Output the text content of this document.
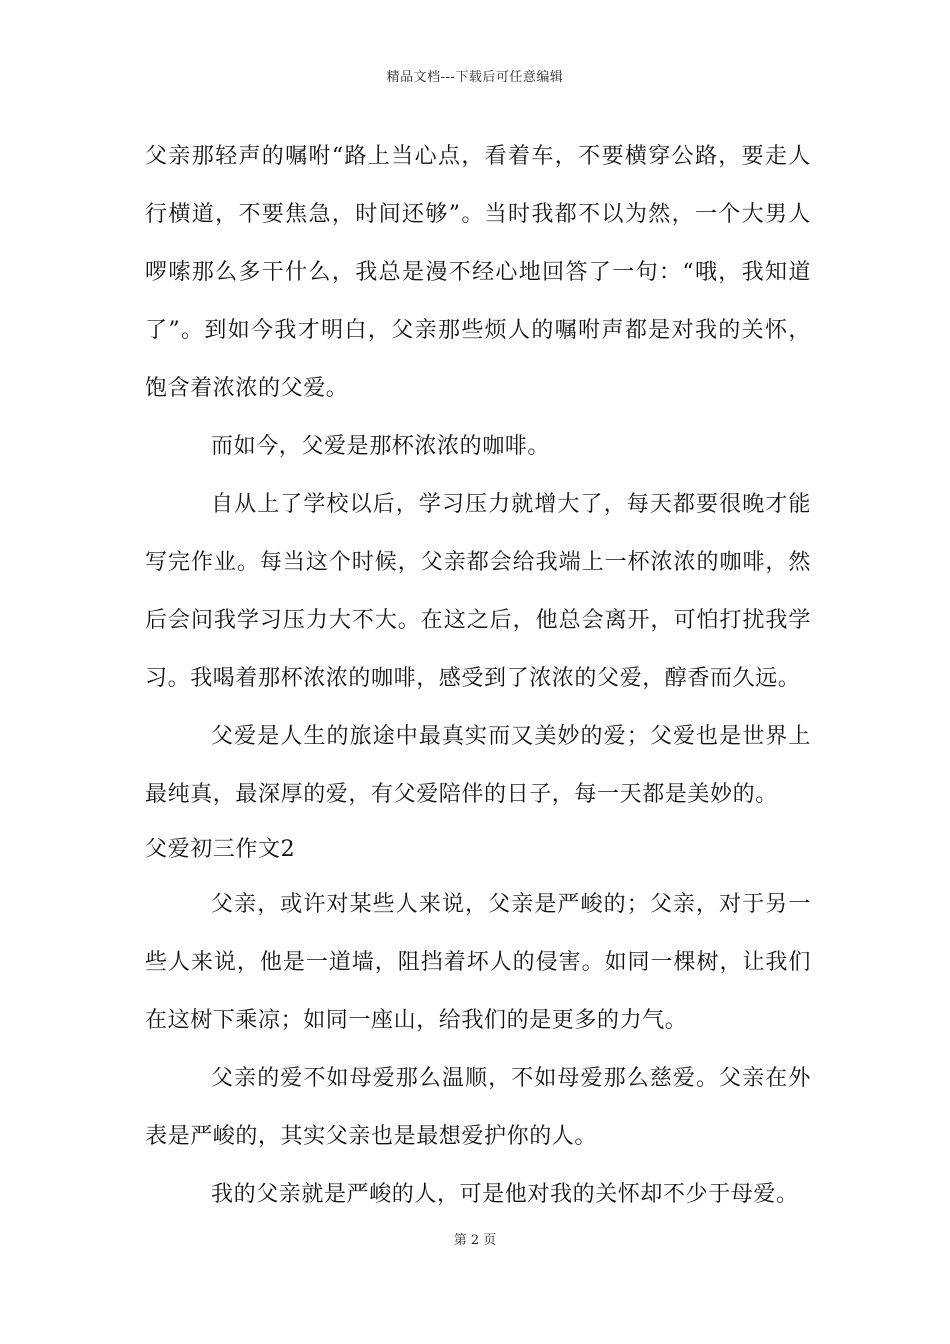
精品文档---下载后可任意编辑

父亲那轻声的嘱咐“路上当心点，看着车，不要横穿公路，要走人行横道，不要焦急，时间还够”。当时我都不以为然，一个大男人啰嗦那么多干什么，我总是漫不经心地回答了一句：“哦，我知道了”。到如今我才明白，父亲那些烦人的嘱咐声都是对我的关怀，饱含着浓浓的父爱。

而如今，父爱是那杯浓浓的咖啡。

自从上了学校以后，学习压力就增大了，每天都要很晚才能写完作业。每当这个时候，父亲都会给我端上一杯浓浓的咖啡，然后会问我学习压力大不大。在这之后，他总会离开，可怕打扰我学习。我喝着那杯浓浓的咖啡，感受到了浓浓的父爱，醇香而久远。

父爱是人生的旅途中最真实而又美妙的爱；父爱也是世界上最纯真，最深厚的爱，有父爱陪伴的日子，每一天都是美妙的。

父爱初三作文2

父亲，或许对某些人来说，父亲是严峻的；父亲，对于另一些人来说，他是一道墙，阻挡着坏人的侵害。如同一棵树，让我们在这树下乘凉；如同一座山，给我们的是更多的力气。

父亲的爱不如母爱那么温顺，不如母爱那么慈爱。父亲在外表是严峻的，其实父亲也是最想爱护你的人。

我的父亲就是严峻的人，可是他对我的关怀却不少于母爱。

第 2 页
